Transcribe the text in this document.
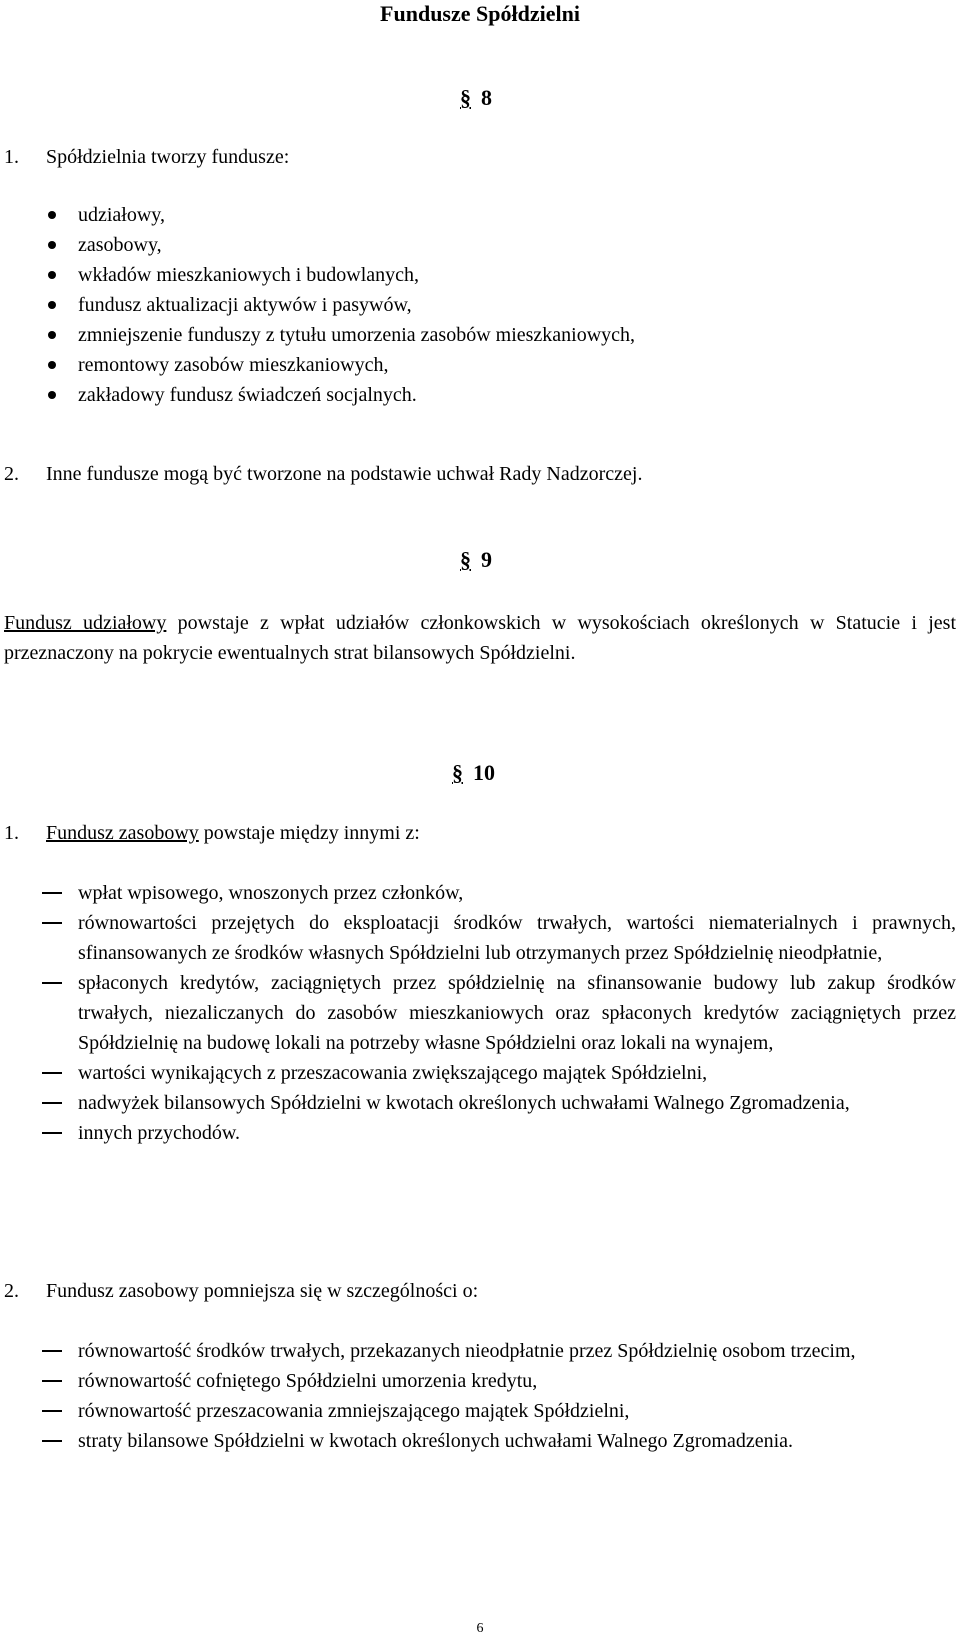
Fundusze Spółdzielni
§ 8
1. Spółdzielnia tworzy fundusze:
udziałowy,
zasobowy,
wkładów mieszkaniowych i budowlanych,
fundusz aktualizacji aktywów i pasywów,
zmniejszenie funduszy z tytułu umorzenia zasobów mieszkaniowych,
remontowy zasobów mieszkaniowych,
zakładowy fundusz świadczeń socjalnych.
2. Inne fundusze mogą być tworzone na podstawie uchwał Rady Nadzorczej.
§ 9

Fundusz udziałowy powstaje z wpłat udziałów członkowskich w wysokościach określonych w Statucie i jest przeznaczony na pokrycie ewentualnych strat bilansowych Spółdzielni.

§ 10
1. Fundusz zasobowy powstaje między innymi z:
wpłat wpisowego, wnoszonych przez członków,
równowartości przejętych do eksploatacji środków trwałych, wartości niematerialnych i prawnych, sfinansowanych ze środków własnych Spółdzielni lub otrzymanych przez Spółdzielnię nieodpłatnie,
spłaconych kredytów, zaciągniętych przez spółdzielnię na sfinansowanie budowy lub zakup środków trwałych, niezaliczanych do zasobów mieszkaniowych oraz spłaconych kredytów zaciągniętych przez Spółdzielnię na budowę lokali na potrzeby własne Spółdzielni oraz lokali na wynajem,
wartości wynikających z przeszacowania zwiększającego majątek Spółdzielni,
nadwyżek bilansowych Spółdzielni w kwotach określonych uchwałami Walnego Zgromadzenia,
innych przychodów.
2. Fundusz zasobowy pomniejsza się w szczególności o:
równowartość środków trwałych, przekazanych nieodpłatnie przez Spółdzielnię osobom trzecim,
równowartość cofniętego Spółdzielni umorzenia kredytu,
równowartość przeszacowania zmniejszającego majątek Spółdzielni,
straty bilansowe Spółdzielni w kwotach określonych uchwałami Walnego Zgromadzenia.
6
